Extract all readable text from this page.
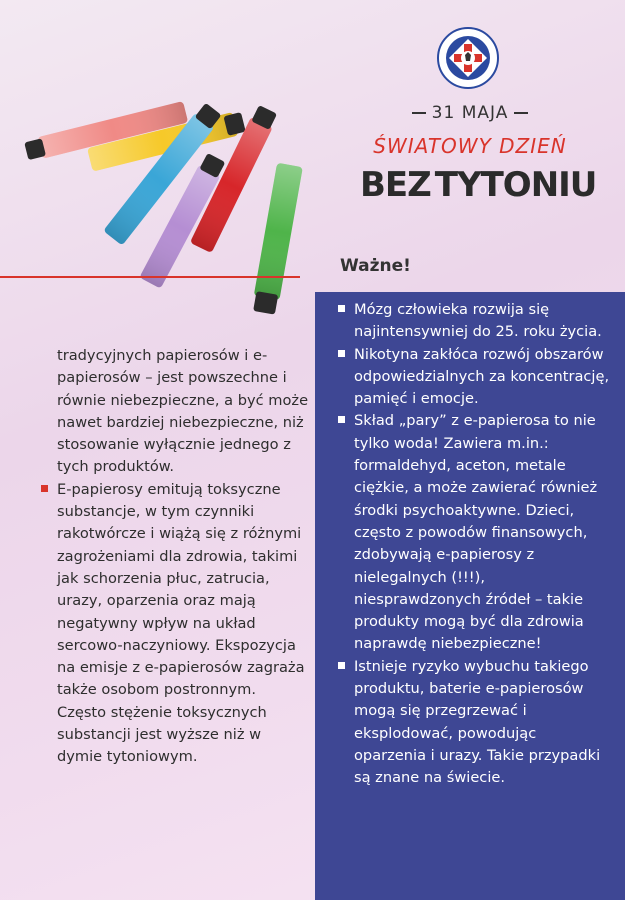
31 MAJA
ŚWIATOWY DZIEŃ
BEZ TYTONIU
Ważne!

tradycyjnych papierosów i e- papierosów – jest powszechne i równie niebezpieczne, a być może nawet bardziej niebezpieczne, niż stosowanie wyłącznie jednego z tych produktów.

E-papierosy emitują toksyczne substancje, w tym czynniki rakotwórcze i wiążą się z różnymi zagrożeniami dla zdrowia, takimi jak schorzenia płuc, zatrucia, urazy, oparzenia oraz mają negatywny wpływ na układ sercowo-naczyniowy. Ekspozycja na emisje z e-papierosów zagraża także osobom postronnym. Często stężenie toksycznych substancji jest wyższe niż w dymie tytoniowym.
Mózg człowieka rozwija się najintensywniej do 25. roku życia.
Nikotyna zakłóca rozwój obszarów odpowiedzialnych za koncentrację, pamięć i emocje.
Skład „pary” z e-papierosa to nie tylko woda! Zawiera m.in.: formaldehyd, aceton, metale ciężkie, a może zawierać również środki psychoaktywne. Dzieci, często z powodów finansowych, zdobywają e-papierosy z nielegalnych (!!!), niesprawdzonych źródeł – takie produkty mogą być dla zdrowia naprawdę niebezpieczne!
Istnieje ryzyko wybuchu takiego produktu, baterie e-papierosów mogą się przegrzewać i eksplodować, powodując oparzenia i urazy. Takie przypadki są znane na świecie.
